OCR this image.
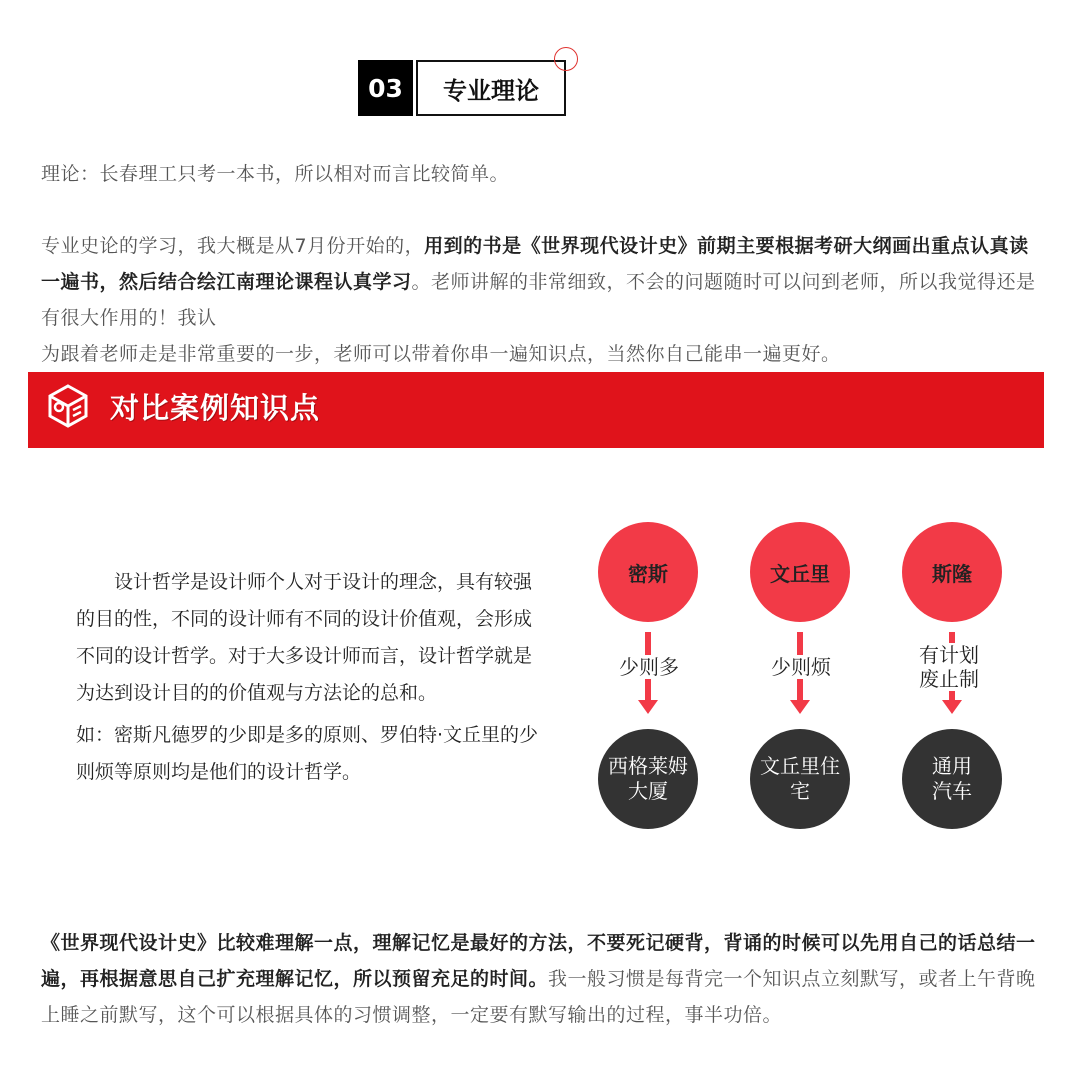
03	专业理论
理论：长春理工只考一本书，所以相对而言比较简单。
专业史论的学习，我大概是从7月份开始的，用到的书是《世界现代设计史》前期主要根据考研大纲画出重点认真读一遍书，然后结合绘江南理论课程认真学习。老师讲解的非常细致，不会的问题随时可以问到老师，所以我觉得还是有很大作用的！我认
为跟着老师走是非常重要的一步，老师可以带着你串一遍知识点，当然你自己能串一遍更好。
对比案例知识点
设计哲学是设计师个人对于设计的理念，具有较强的目的性，不同的设计师有不同的设计价值观，会形成不同的设计哲学。对于大多设计师而言，设计哲学就是为达到设计目的的价值观与方法论的总和。
如：密斯凡德罗的少即是多的原则、罗伯特·文丘里的少则烦等原则均是他们的设计哲学。
密斯
少则多
西格莱姆大厦
文丘里
少则烦
文丘里住宅
斯隆
有计划废止制
通用汽车
《世界现代设计史》比较难理解一点，理解记忆是最好的方法，不要死记硬背，背诵的时候可以先用自己的话总结一遍，再根据意思自己扩充理解记忆，所以预留充足的时间。我一般习惯是每背完一个知识点立刻默写，或者上午背晚上睡之前默写，这个可以根据具体的习惯调整，一定要有默写输出的过程，事半功倍。
